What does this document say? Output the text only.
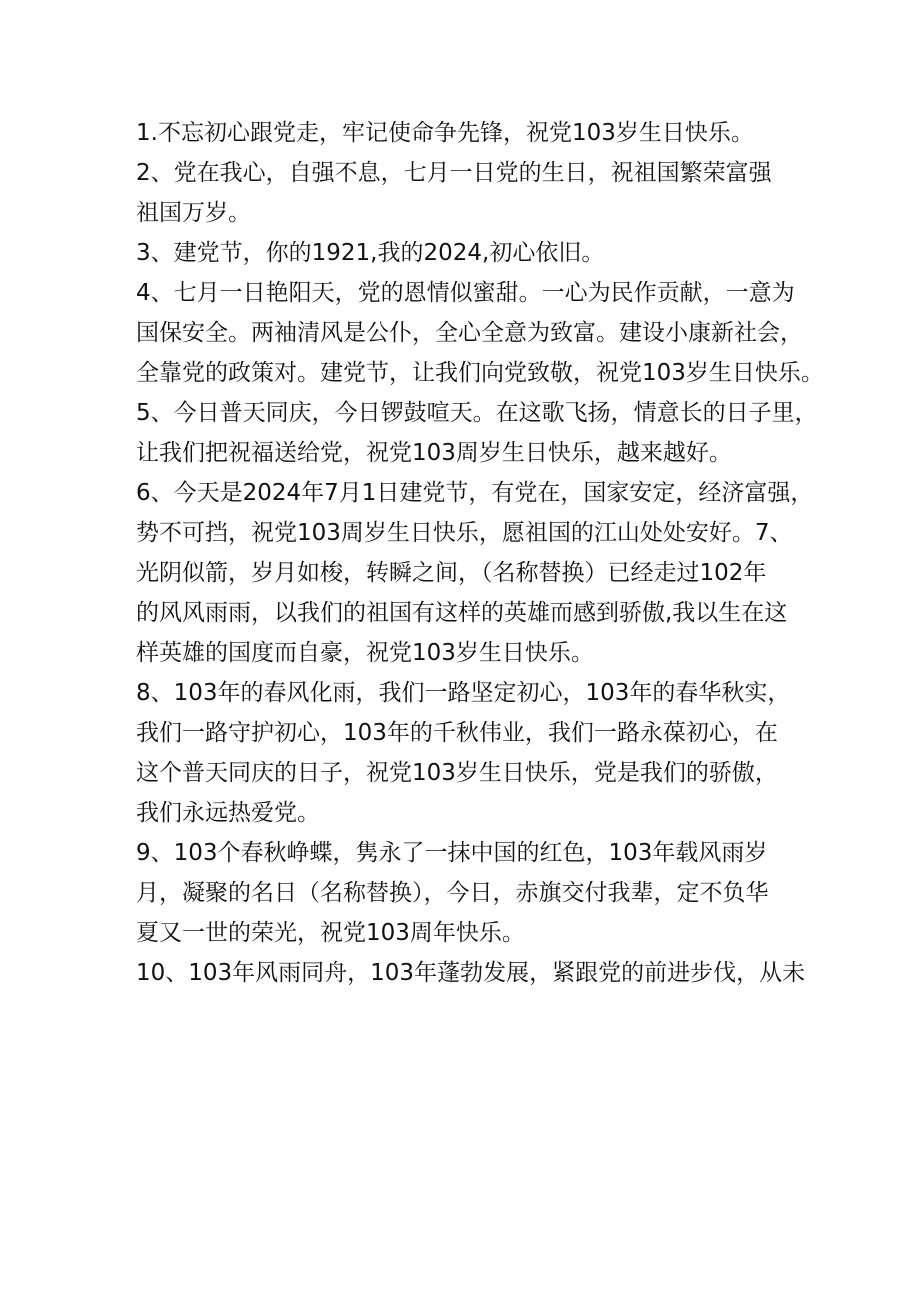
1.不忘初心跟党走，牢记使命争先锋，祝党103岁生日快乐。
2、党在我心，自强不息，七月一日党的生日，祝祖国繁荣富强
祖国万岁。
3、建党节，你的1921,我的2024,初心依旧。
4、七月一日艳阳天，党的恩情似蜜甜。一心为民作贡献，一意为
国保安全。两袖清风是公仆，全心全意为致富。建设小康新社会，
全靠党的政策对。建党节，让我们向党致敬，祝党103岁生日快乐。
5、今日普天同庆，今日锣鼓喧天。在这歌飞扬，情意长的日子里，
让我们把祝福送给党，祝党103周岁生日快乐，越来越好。
6、今天是2024年7月1日建党节，有党在，国家安定，经济富强，
势不可挡，祝党103周岁生日快乐，愿祖国的江山处处安好。7、
光阴似箭，岁月如梭，转瞬之间，（名称替换）已经走过102年
的风风雨雨，以我们的祖国有这样的英雄而感到骄傲,我以生在这
样英雄的国度而自豪，祝党103岁生日快乐。
8、103年的春风化雨，我们一路坚定初心，103年的春华秋实，
我们一路守护初心，103年的千秋伟业，我们一路永葆初心，在
这个普天同庆的日子，祝党103岁生日快乐，党是我们的骄傲，
我们永远热爱党。
9、103个春秋峥蝶，隽永了一抹中国的红色，103年载风雨岁
月，凝聚的名日（名称替换），今日，赤旗交付我辈，定不负华
夏又一世的荣光，祝党103周年快乐。
10、103年风雨同舟，103年蓬勃发展，紧跟党的前进步伐，从未
